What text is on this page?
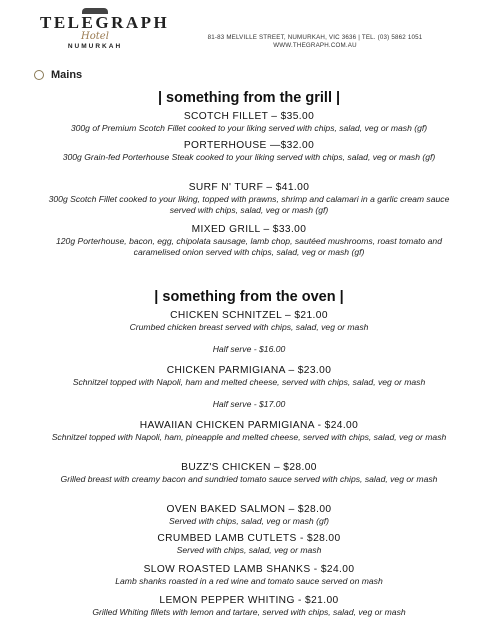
TELEGRAPH
Hotel
NUMURKAH
81-83 MELVILLE STREET, NUMURKAH, VIC 3636 | TEL. (03) 5862 1051
WWW.THEGRAPH.COM.AU
Mains
| something from the grill |
SCOTCH FILLET – $35.00
300g of Premium Scotch Fillet cooked to your liking served with chips, salad, veg or mash (gf)
PORTERHOUSE —$32.00
300g Grain-fed Porterhouse Steak cooked to your liking served with chips, salad, veg or mash (gf)
SURF N' TURF – $41.00
300g Scotch Fillet cooked to your liking, topped with prawns, shrimp and calamari in a garlic cream sauce served with chips, salad, veg or mash (gf)
MIXED GRILL – $33.00
120g Porterhouse, bacon, egg, chipolata sausage, lamb chop, sautéed mushrooms, roast tomato and caramelised onion served with chips, salad, veg or mash (gf)
| something from the oven |
CHICKEN SCHNITZEL – $21.00
Crumbed chicken breast served with chips, salad, veg or mash
Half serve - $16.00
CHICKEN PARMIGIANA – $23.00
Schnitzel topped with Napoli, ham and melted cheese, served with chips, salad, veg or mash
Half serve - $17.00
HAWAIIAN CHICKEN PARMIGIANA - $24.00
Schnitzel topped with Napoli, ham, pineapple and melted cheese, served with chips, salad, veg or mash
BUZZ'S CHICKEN – $28.00
Grilled breast with creamy bacon and sundried tomato sauce served with chips, salad, veg or mash
OVEN BAKED SALMON – $28.00
Served with chips, salad, veg or mash (gf)
CRUMBED LAMB CUTLETS - $28.00
Served with chips, salad, veg or mash
SLOW ROASTED LAMB SHANKS - $24.00
Lamb shanks roasted in a red wine and tomato sauce served on mash
LEMON PEPPER WHITING - $21.00
Grilled Whiting fillets with lemon and tartare, served with chips, salad, veg or mash
